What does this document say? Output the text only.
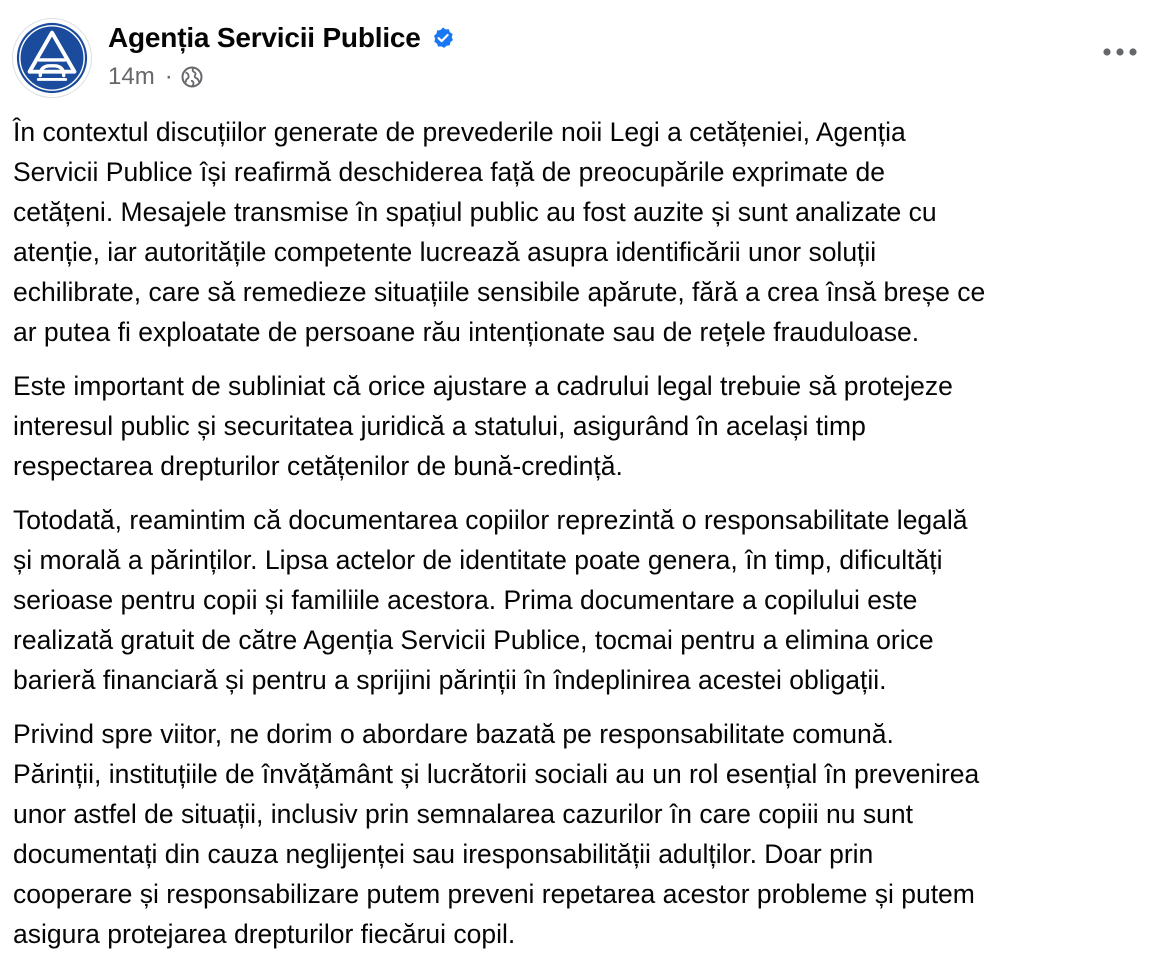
Agenția Servicii Publice
14m ·

În contextul discuțiilor generate de prevederile noii Legi a cetățeniei, Agenția
Servicii Publice își reafirmă deschiderea față de preocupările exprimate de
cetățeni. Mesajele transmise în spațiul public au fost auzite și sunt analizate cu
atenție, iar autoritățile competente lucrează asupra identificării unor soluții
echilibrate, care să remedieze situațiile sensibile apărute, fără a crea însă breșe ce
ar putea fi exploatate de persoane rău intenționate sau de rețele frauduloase.

Este important de subliniat că orice ajustare a cadrului legal trebuie să protejeze
interesul public și securitatea juridică a statului, asigurând în același timp
respectarea drepturilor cetățenilor de bună-credință.

Totodată, reamintim că documentarea copiilor reprezintă o responsabilitate legală
și morală a părinților. Lipsa actelor de identitate poate genera, în timp, dificultăți
serioase pentru copii și familiile acestora. Prima documentare a copilului este
realizată gratuit de către Agenția Servicii Publice, tocmai pentru a elimina orice
barieră financiară și pentru a sprijini părinții în îndeplinirea acestei obligații.

Privind spre viitor, ne dorim o abordare bazată pe responsabilitate comună.
Părinții, instituțiile de învățământ și lucrătorii sociali au un rol esențial în prevenirea
unor astfel de situații, inclusiv prin semnalarea cazurilor în care copiii nu sunt
documentați din cauza neglijenței sau iresponsabilității adulților. Doar prin
cooperare și responsabilizare putem preveni repetarea acestor probleme și putem
asigura protejarea drepturilor fiecărui copil.
